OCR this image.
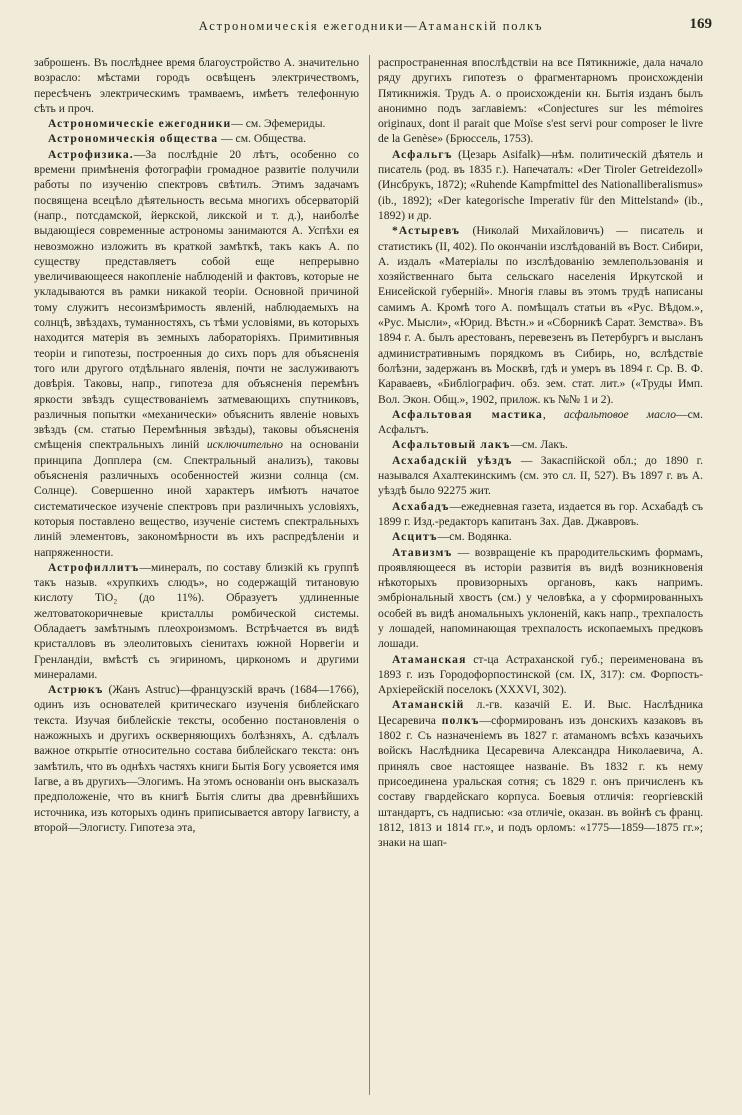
Астрономическія ежегодники—Атаманскій полкъ	169

заброшенъ. Въ послѣднее время благоустройство А. значительно возрасло: мѣстами городъ освѣщенъ электричествомъ, пересѣченъ электрическимъ трамваемъ, имѣетъ телефонную сѣть и проч.

Астрономическіе ежегодники— см. Эфемериды.

Астрономическія общества — см. Общества.

Астрофизика.—За послѣдніе 20 лѣтъ, особенно со времени примѣненія фотографіи громадное развитіе получили работы по изученію спектровъ свѣтилъ. Этимъ задачамъ посвящена всецѣло дѣятельность весьма многихъ обсерваторій (напр., потсдамской, йеркской, ликской и т. д.), наиболѣе выдающіеся современные астрономы занимаются А. Успѣхи ея невозможно изложить въ краткой замѣткѣ, такъ какъ А. по существу представляетъ собой еще непрерывно увеличивающееся накопленіе наблюденій и фактовъ, которые не укладываются въ рамки никакой теоріи. Основной причиной тому служитъ несоизмѣримость явленій, наблюдаемыхъ на солнцѣ, звѣздахъ, туманностяхъ, съ тѣми условіями, въ которыхъ находится матерія въ земныхъ лабораторіяхъ. Примитивныя теоріи и гипотезы, построенныя до сихъ поръ для объясненія того или другого отдѣльнаго явленія, почти не заслуживаютъ довѣрія. Таковы, напр., гипотеза для объясненія перемѣнъ яркости звѣздъ существованіемъ затмевающихъ спутниковъ, различныя попытки «механически» объяснить явленіе новыхъ звѣздъ (см. статью Перемѣнныя звѣзды), таковы объясненія смѣщенія спектральныхъ линій исключительно на основаніи принципа Допплера (см. Спектральный анализъ), таковы объясненія различныхъ особенностей жизни солнца (см. Солнце). Совершенно иной характеръ имѣютъ начатое систематическое изученіе спектровъ при различныхъ условіяхъ, которыя поставлено вещество, изученіе системъ спектральныхъ линій элементовъ, закономѣрности въ ихъ распредѣленіи и напряженности.

Астрофиллитъ—минералъ, по составу близкій къ группѣ такъ назыв. «хрупкихъ слюдъ», но содержащій титановую кислоту TiO₂ (до 11%). Образуетъ удлиненные желтоватокоричневые кристаллы ромбической системы. Обладаетъ замѣтнымъ плеохроизмомъ. Встрѣчается въ видѣ кристалловъ въ элеолитовыхъ сіенитахъ южной Норвегіи и Гренландіи, вмѣстѣ съ эгириномъ, циркономъ и другими минералами.

Астрюкъ (Жанъ Astruc)—французскій врачъ (1684—1766), одинъ изъ основателей критическаго изученія библейскаго текста. Изучая библейскіе тексты, особенно постановленія о нажожныхъ и другихъ оскверняющихъ болѣзняхъ, А. сдѣлалъ важное открытіе относительно состава библейскаго текста: онъ замѣтилъ, что въ однѣхъ частяхъ книги Бытія Богу усвояется имя Іагве, а въ другихъ—Элогимъ. На этомъ основаніи онъ высказалъ предположеніе, что въ книгѣ Бытія слиты два древнѣйшихъ источника, изъ которыхъ одинъ приписывается автору Іагвисту, а второй—Элогисту. Гипотеза эта,

распространенная впослѣдствіи на все Пятикнижіе, дала начало ряду другихъ гипотезъ о фрагментарномъ происхожденіи Пятикнижія. Трудъ А. о происхожденіи кн. Бытія изданъ былъ анонимно подъ заглавіемъ: «Conjectures sur les mémoires originaux, dont il parait que Moïse s'est servi pour composer le livre de la Genèse» (Брюссель, 1753).

Асфальгъ (Цезарь Asifalk)—нѣм. политическій дѣятель и писатель (род. въ 1835 г.). Напечаталъ: «Der Tiroler Getreidezoll» (Инсбрукъ, 1872); «Ruhende Kampfmittel des Nationalliberalismus» (ib., 1892); «Der kategorische Imperativ für den Mittelstand» (ib., 1892) и др.

*Астыревъ (Николай Михайловичъ) — писатель и статистикъ (II, 402). По окончаніи изслѣдованій въ Вост. Сибири, А. издалъ «Матеріалы по изслѣдованію землепользованія и хозяйственнаго быта сельскаго населенія Иркутской и Енисейской губерній». Многія главы въ этомъ трудѣ написаны самимъ А. Кромѣ того А. помѣщалъ статьи въ «Рус. Вѣдом.», «Рус. Мысли», «Юрид. Вѣстн.» и «Сборникѣ Сарат. Земства». Въ 1894 г. А. былъ арестованъ, перевезенъ въ Петербургъ и высланъ административнымъ порядкомъ въ Сибирь, но, вслѣдствіе болѣзни, задержанъ въ Москвѣ, гдѣ и умеръ въ 1894 г. Ср. В. Ф. Караваевъ, «Библіографич. обз. зем. стат. лит.» («Труды Имп. Вол. Экон. Общ.», 1902, прилож. къ №№ 1 и 2).

Асфальтовая мастика, асфальтовое масло—см. Асфальтъ.

Асфальтовый лакъ—см. Лакъ.

Асхабадскій уѣздъ — Закаспійской обл.; до 1890 г. назывался Ахалтекинскимъ (см. это сл. II, 527). Въ 1897 г. въ А. уѣздѣ было 92275 жит.

Асхабадъ—ежедневная газета, издается въ гор. Асхабадѣ съ 1899 г. Изд.-редакторъ капитанъ Зах. Дав. Джавровъ.

Асцитъ—см. Водянка.

Атавизмъ — возвращеніе къ прародительскимъ формамъ, проявляющееся въ исторіи развитія въ видѣ возникновенія нѣкоторыхъ провизорныхъ органовъ, какъ напримъ. эмбріональный хвостъ (см.) у человѣка, а у сформированныхъ особей въ видѣ аномальныхъ уклоненій, какъ напр., трехпалость у лошадей, напоминающая трехпалость ископаемыхъ предковъ лошади.

Атаманская ст-ца Астраханской губ.; переименована въ 1893 г. изъ Городофорпостинской (см. IX, 317): см. Форпость-Архіерейскій поселокъ (XXXVI, 302).

Атаманскій л.-гв. казачій Е. И. Выс. Наслѣдника Цесаревича полкъ—сформированъ изъ донскихъ казаковъ въ 1802 г. Съ назначеніемъ въ 1827 г. атаманомъ всѣхъ казачьихъ войскъ Наслѣдника Цесаревича Александра Николаевича, А. принялъ свое настоящее названіе. Въ 1832 г. къ нему присоединена уральская сотня; съ 1829 г. онъ причисленъ къ составу гвардейскаго корпуса. Боевыя отличія: георгіевскій штандартъ, съ надписью: «за отличіе, оказан. въ войнѣ съ франц. 1812, 1813 и 1814 гг.», и подъ орломъ: «1775—1859—1875 гг.»; знаки на шап-
